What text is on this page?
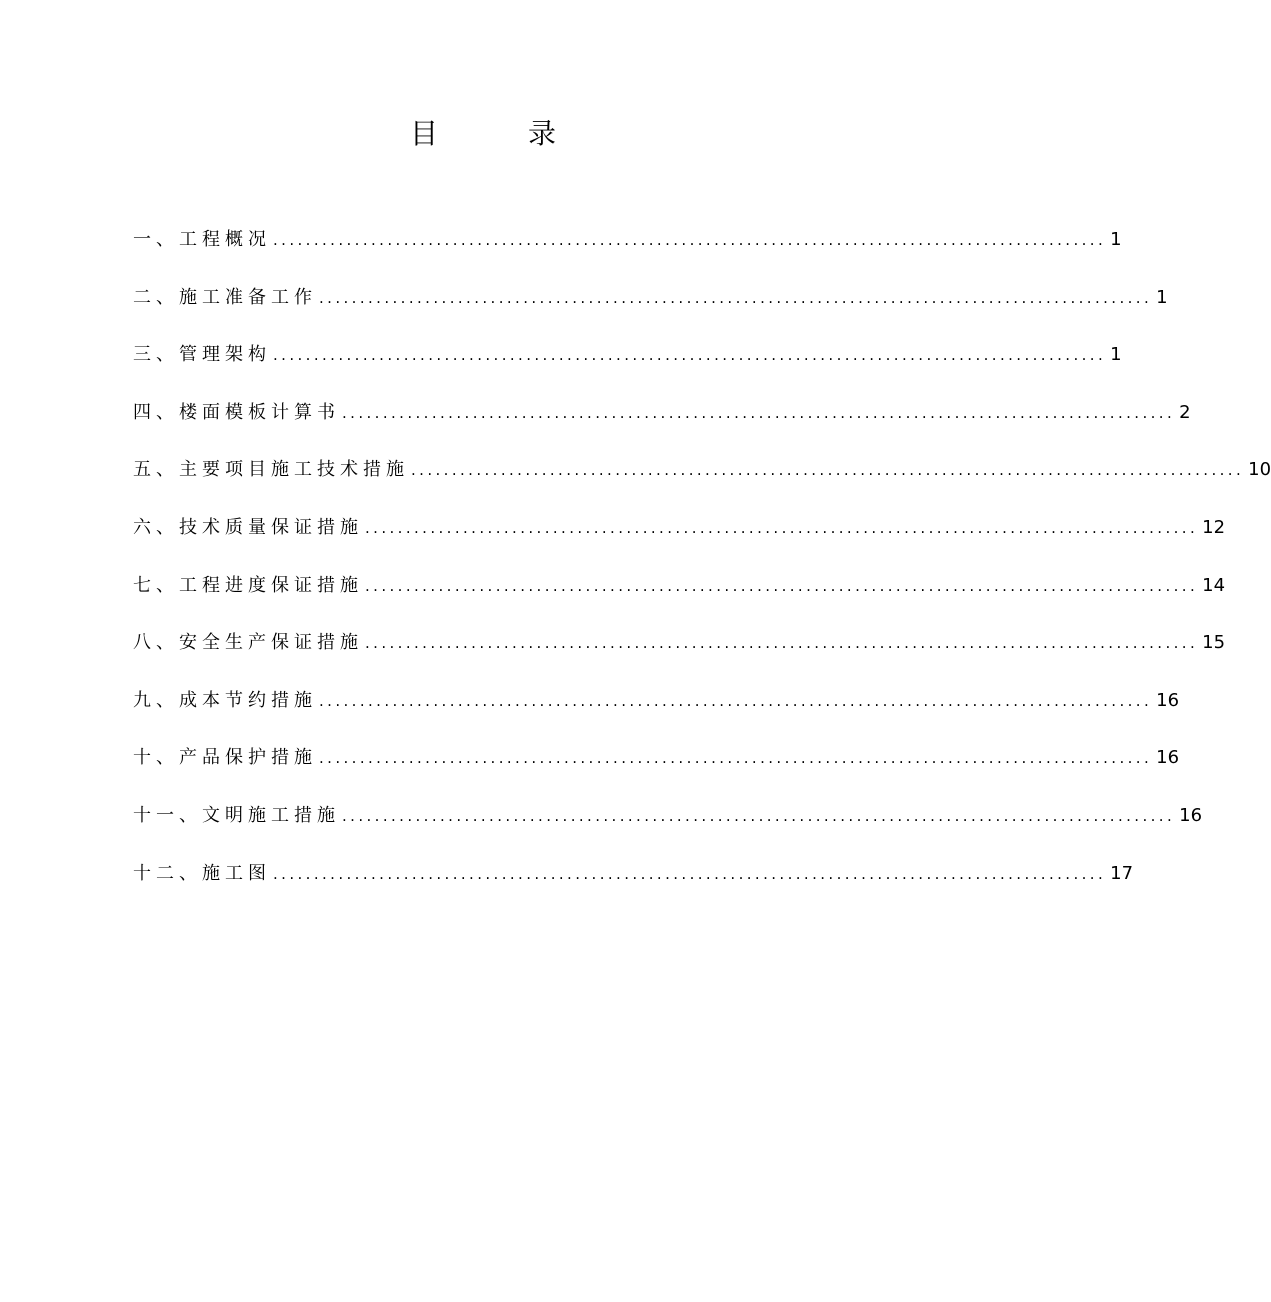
目	录
一、 工程概况 ...................................................................................................... 1
二、 施工准备工作 ...................................................................................................... 1
三、 管理架构 ...................................................................................................... 1
四、 楼面模板计算书 ...................................................................................................... 2
五、 主要项目施工技术措施 ...................................................................................................... 10
六、 技术质量保证措施 ...................................................................................................... 12
七、 工程进度保证措施 ...................................................................................................... 14
八、 安全生产保证措施 ...................................................................................................... 15
九、 成本节约措施 ...................................................................................................... 16
十、 产品保护措施 ...................................................................................................... 16
十一、 文明施工措施 ...................................................................................................... 16
十二、 施工图 ...................................................................................................... 17
